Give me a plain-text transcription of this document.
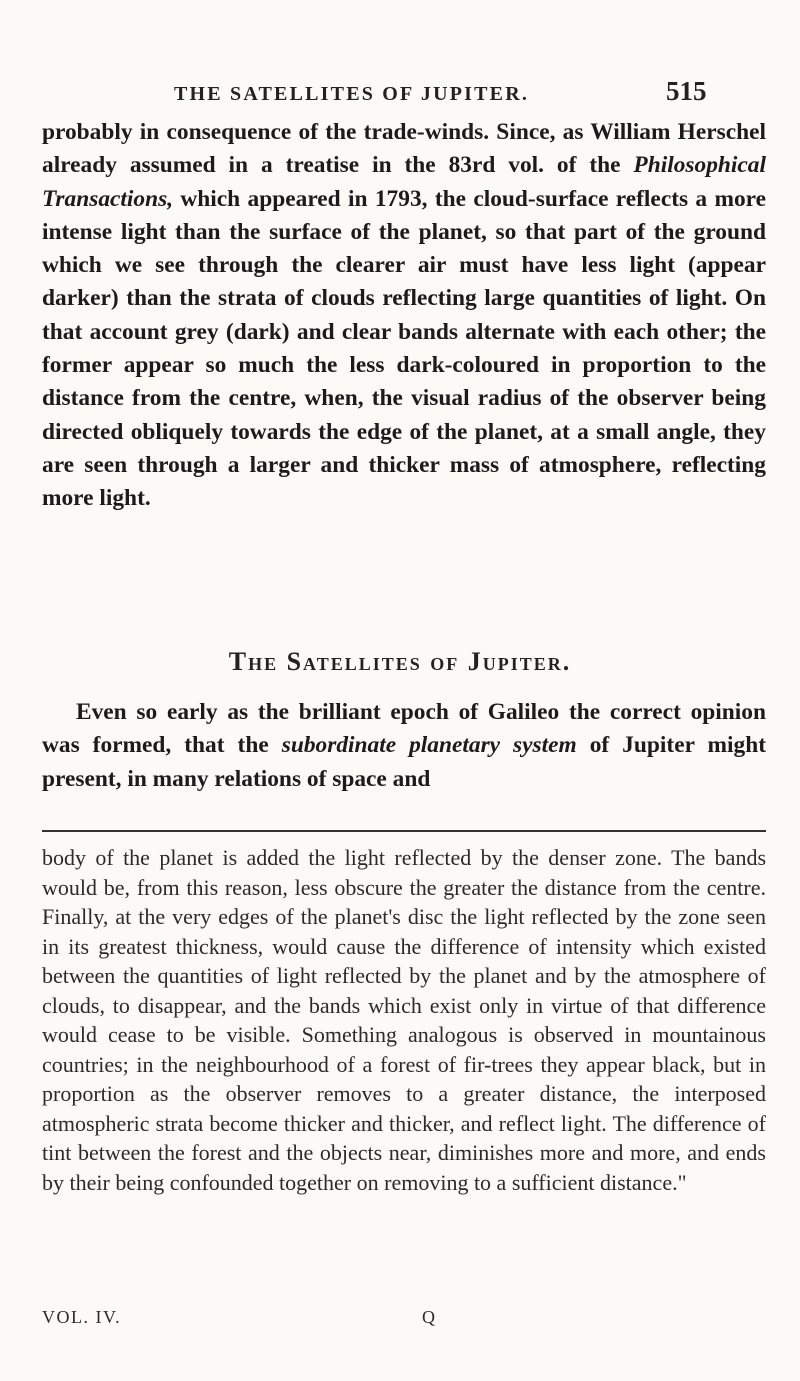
THE SATELLITES OF JUPITER.	515

probably in consequence of the trade-winds. Since, as William Herschel already assumed in a treatise in the 83rd vol. of the Philosophical Transactions, which appeared in 1793, the cloud-surface reflects a more intense light than the surface of the planet, so that part of the ground which we see through the clearer air must have less light (appear darker) than the strata of clouds reflecting large quantities of light. On that account grey (dark) and clear bands alternate with each other; the former appear so much the less dark-coloured in proportion to the distance from the centre, when, the visual radius of the observer being directed obliquely towards the edge of the planet, at a small angle, they are seen through a larger and thicker mass of atmosphere, reflecting more light.

The Satellites of Jupiter.

Even so early as the brilliant epoch of Galileo the correct opinion was formed, that the subordinate planetary system of Jupiter might present, in many relations of space and

body of the planet is added the light reflected by the denser zone. The bands would be, from this reason, less obscure the greater the distance from the centre. Finally, at the very edges of the planet's disc the light reflected by the zone seen in its greatest thickness, would cause the difference of intensity which existed between the quantities of light reflected by the planet and by the atmosphere of clouds, to disappear, and the bands which exist only in virtue of that difference would cease to be visible. Something analogous is observed in mountainous countries; in the neighbourhood of a forest of fir-trees they appear black, but in proportion as the observer removes to a greater distance, the interposed atmospheric strata become thicker and thicker, and reflect light. The difference of tint between the forest and the objects near, diminishes more and more, and ends by their being confounded together on removing to a sufficient distance."

VOL. IV.	Q
